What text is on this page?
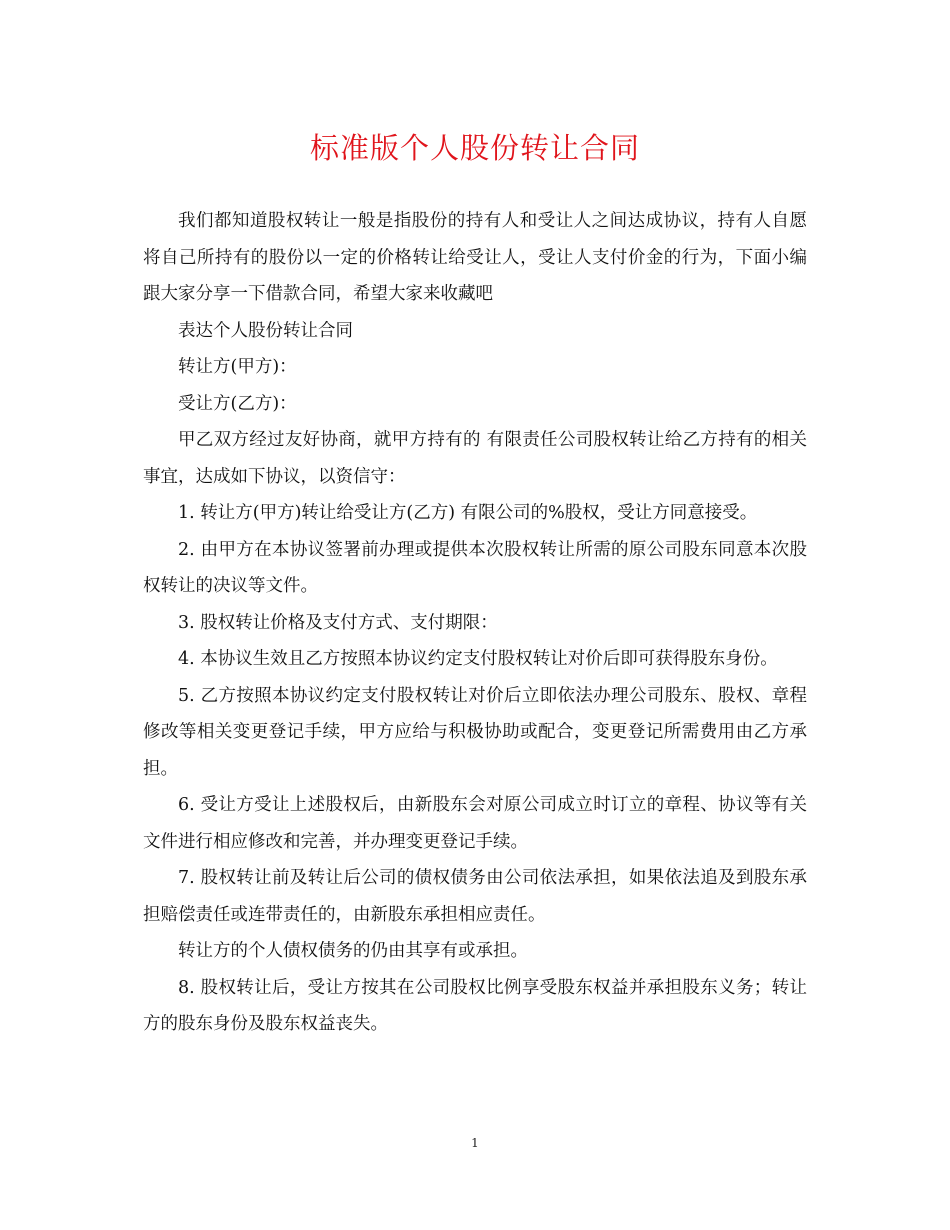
标准版个人股份转让合同

我们都知道股权转让一般是指股份的持有人和受让人之间达成协议，持有人自愿将自己所持有的股份以一定的价格转让给受让人，受让人支付价金的行为，下面小编跟大家分享一下借款合同，希望大家来收藏吧

表达个人股份转让合同

转让方(甲方)：

受让方(乙方)：

甲乙双方经过友好协商，就甲方持有的 有限责任公司股权转让给乙方持有的相关事宜，达成如下协议，以资信守：

1. 转让方(甲方)转让给受让方(乙方) 有限公司的%股权，受让方同意接受。

2. 由甲方在本协议签署前办理或提供本次股权转让所需的原公司股东同意本次股权转让的决议等文件。

3. 股权转让价格及支付方式、支付期限：

4. 本协议生效且乙方按照本协议约定支付股权转让对价后即可获得股东身份。

5. 乙方按照本协议约定支付股权转让对价后立即依法办理公司股东、股权、章程修改等相关变更登记手续，甲方应给与积极协助或配合，变更登记所需费用由乙方承担。

6. 受让方受让上述股权后，由新股东会对原公司成立时订立的章程、协议等有关文件进行相应修改和完善，并办理变更登记手续。

7. 股权转让前及转让后公司的债权债务由公司依法承担，如果依法追及到股东承担赔偿责任或连带责任的，由新股东承担相应责任。

转让方的个人债权债务的仍由其享有或承担。

8. 股权转让后，受让方按其在公司股权比例享受股东权益并承担股东义务；转让方的股东身份及股东权益丧失。

1
